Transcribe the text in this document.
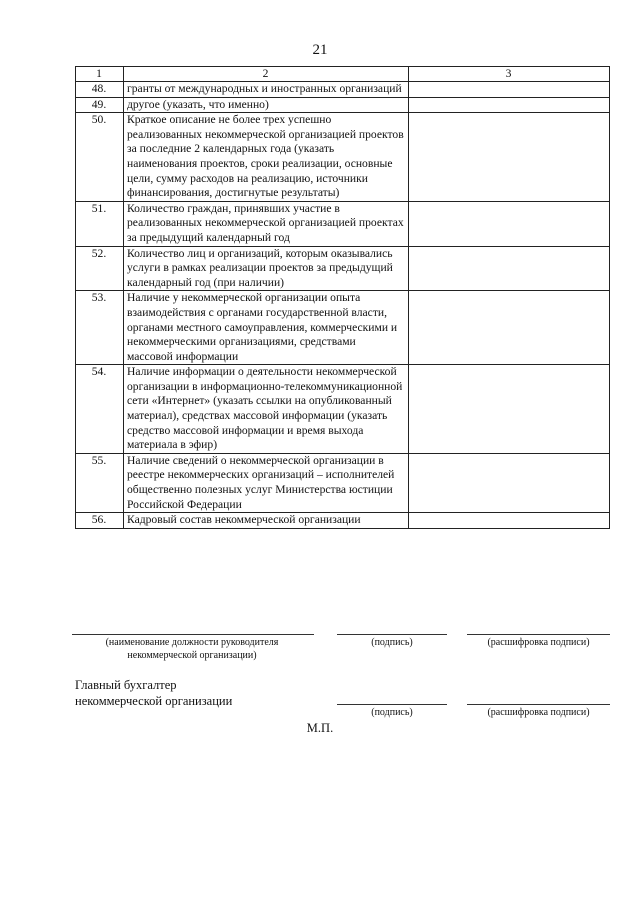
21
1	2	3
48.	гранты от международных и иностранных организаций	
49.	другое (указать, что именно)	
50.	Краткое описание не более трех успешно реализованных некоммерческой организацией проектов за последние 2 календарных года (указать наименования проектов, сроки реализации, основные цели, сумму расходов на реализацию, источники финансирования, достигнутые результаты)	
51.	Количество граждан, принявших участие в реализованных некоммерческой организацией проектах за предыдущий календарный год	
52.	Количество лиц и организаций, которым оказывались услуги в рамках реализации проектов за предыдущий календарный год (при наличии)	
53.	Наличие у некоммерческой организации опыта взаимодействия с органами государственной власти, органами местного самоуправления, коммерческими и некоммерческими организациями, средствами массовой информации	
54.	Наличие информации о деятельности некоммерческой организации в информационно-телекоммуникационной сети «Интернет» (указать ссылки на опубликованный материал), средствах массовой информации (указать средство массовой информации и время выхода материала в эфир)	
55.	Наличие сведений о некоммерческой организации в реестре некоммерческих организаций – исполнителей общественно полезных услуг Министерства юстиции Российской Федерации	
56.	Кадровый состав некоммерческой организации	
(наименование должности руководителя некоммерческой организации)
(подпись)	(расшифровка подписи)
Главный бухгалтер
некоммерческой организации
(подпись)	(расшифровка подписи)
М.П.
